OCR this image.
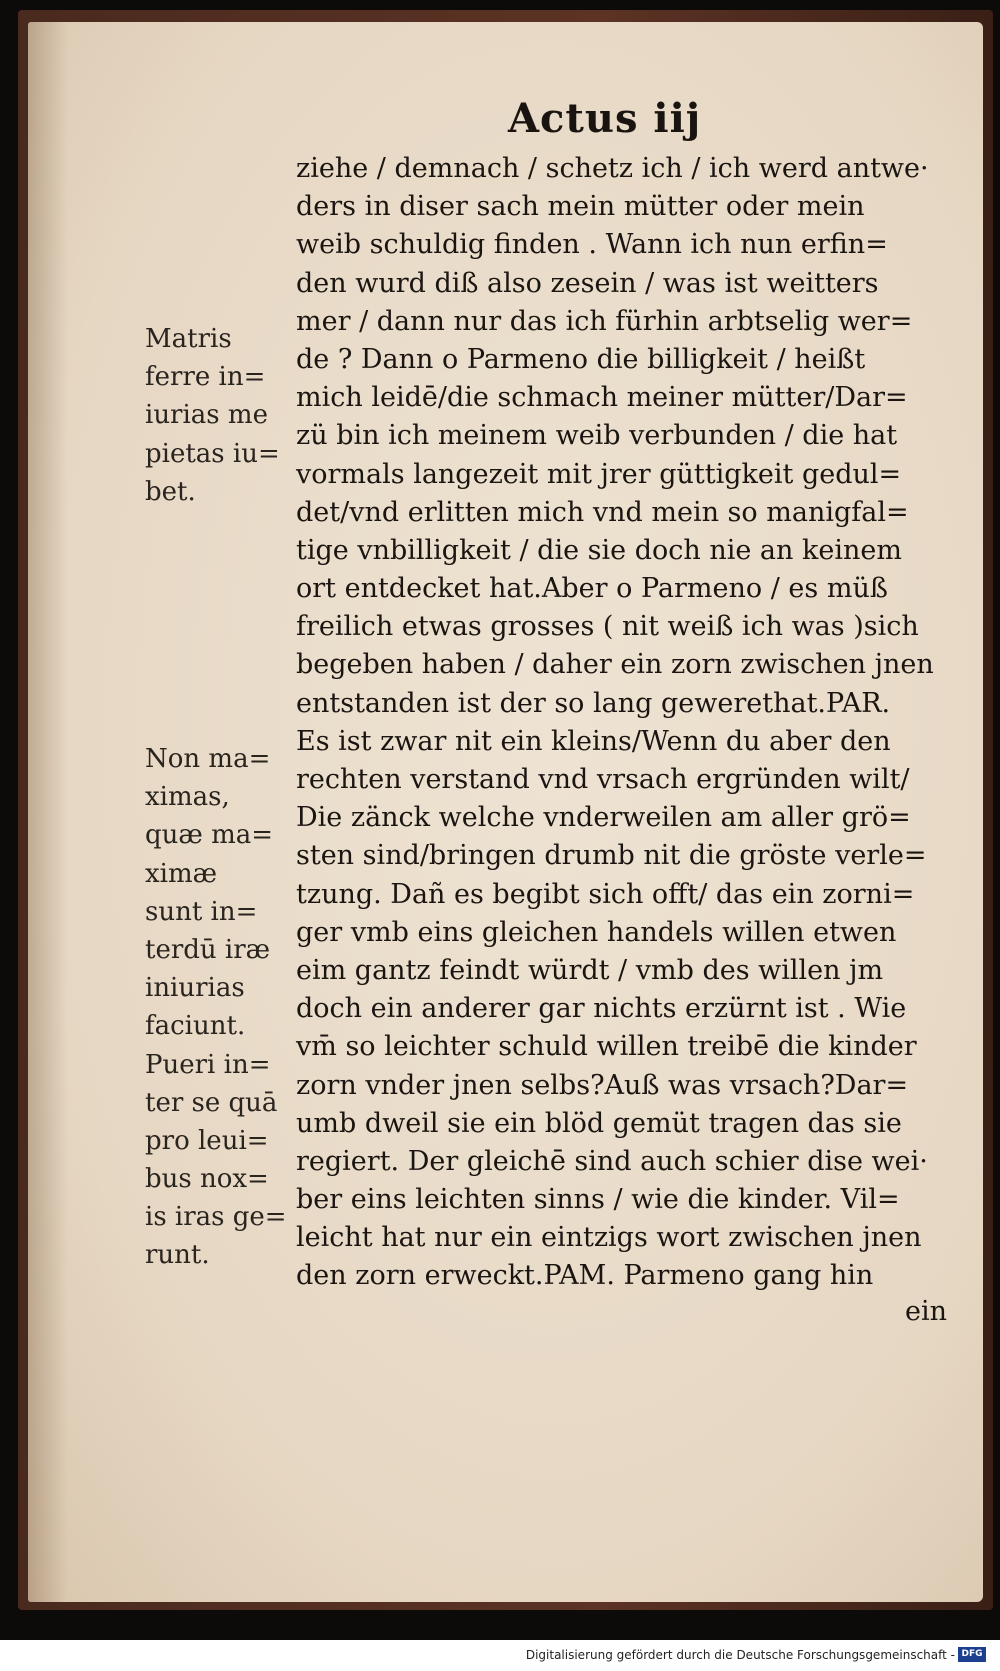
Actus iij
ziehe / demnach / schetz ich / ich werd antwe·
ders in diser sach mein mütter oder mein
weib schuldig finden . Wann ich nun erfin=
den wurd diß also zesein / was ist weitters
mer / dann nur das ich fürhin arbtselig wer=
de ? Dann o Parmeno die billigkeit / heißt
mich leidē/die schmach meiner mütter/Dar=
zü bin ich meinem weib verbunden / die hat
vormals langezeit mit jrer güttigkeit gedul=
det/vnd erlitten mich vnd mein so manigfal=
tige vnbilligkeit / die sie doch nie an keinem
ort entdecket hat.Aber o Parmeno / es müß
freilich etwas grosses ( nit weiß ich was )sich
begeben haben / daher ein zorn zwischen jnen
entstanden ist der so lang gewerethat.PAR.
Es ist zwar nit ein kleins/Wenn du aber den
rechten verstand vnd vrsach ergründen wilt/
Die zänck welche vnderweilen am aller grö=
sten sind/bringen drumb nit die gröste verle=
tzung. Dañ es begibt sich offt/ das ein zorni=
ger vmb eins gleichen handels willen etwen
eim gantz feindt würdt / vmb des willen jm
doch ein anderer gar nichts erzürnt ist . Wie
vm̄ so leichter schuld willen treibē die kinder
zorn vnder jnen selbs?Auß was vrsach?Dar=
umb dweil sie ein blöd gemüt tragen das sie
regiert. Der gleichē sind auch schier dise wei·
ber eins leichten sinns / wie die kinder. Vil=
leicht hat nur ein eintzigs wort zwischen jnen
den zorn erweckt.PAM. Parmeno gang hin
ein
Matris
ferre in=
iurias me
pietas iu=
bet.
Non ma=
ximas,
quæ ma=
ximæ
sunt in=
terdū iræ
iniurias
faciunt.
Pueri in=
ter se quā
pro leui=
bus nox=
is iras ge=
runt.
Digitalisierung gefördert durch die Deutsche Forschungsgemeinschaft - DFG
